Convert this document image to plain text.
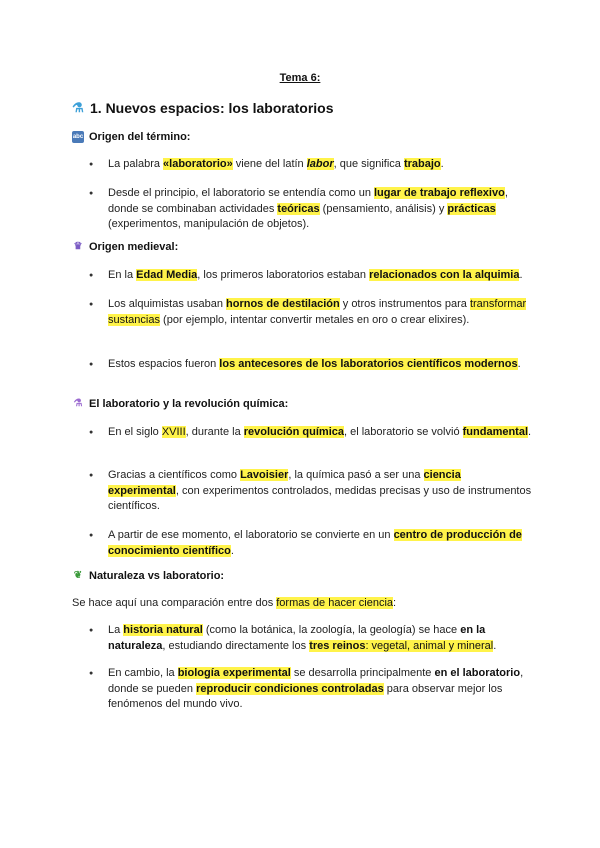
Tema 6:
⚗ 1. Nuevos espacios: los laboratorios
abc Origen del término:
● La palabra «laboratorio» viene del latín labor, que significa trabajo.
● Desde el principio, el laboratorio se entendía como un lugar de trabajo reflexivo, donde se combinaban actividades teóricas (pensamiento, análisis) y prácticas (experimentos, manipulación de objetos).
♛ Origen medieval:
● En la Edad Media, los primeros laboratorios estaban relacionados con la alquimia.
● Los alquimistas usaban hornos de destilación y otros instrumentos para transformar sustancias (por ejemplo, intentar convertir metales en oro o crear elixires).
● Estos espacios fueron los antecesores de los laboratorios científicos modernos.
⚗ El laboratorio y la revolución química:
● En el siglo XVIII, durante la revolución química, el laboratorio se volvió fundamental.
● Gracias a científicos como Lavoisier, la química pasó a ser una ciencia experimental, con experimentos controlados, medidas precisas y uso de instrumentos científicos.
● A partir de ese momento, el laboratorio se convierte en un centro de producción de conocimiento científico.
❦ Naturaleza vs laboratorio:
Se hace aquí una comparación entre dos formas de hacer ciencia:
● La historia natural (como la botánica, la zoología, la geología) se hace en la naturaleza, estudiando directamente los tres reinos: vegetal, animal y mineral.
● En cambio, la biología experimental se desarrolla principalmente en el laboratorio, donde se pueden reproducir condiciones controladas para observar mejor los fenómenos del mundo vivo.
